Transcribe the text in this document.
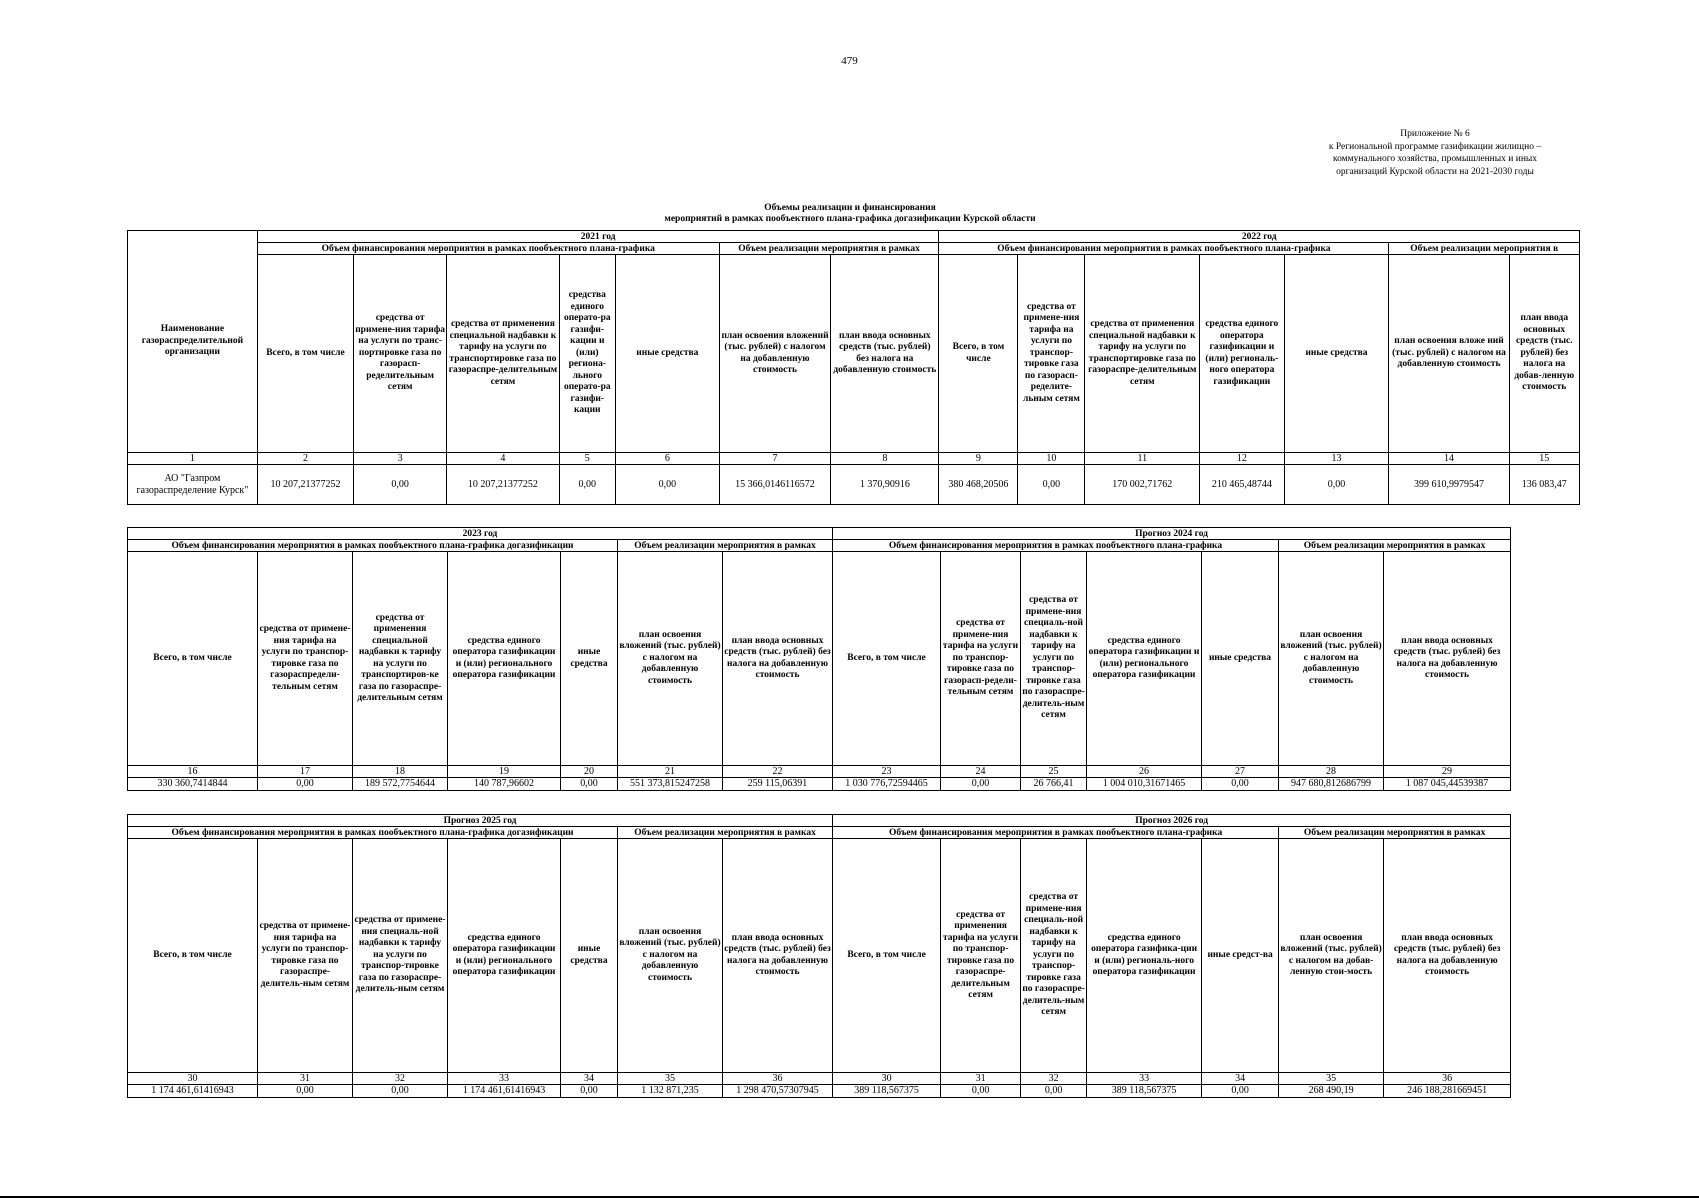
479
Приложение № 6
к Региональной программе газификации жилищно –
коммунального хозяйства, промышленных и иных
организаций Курской области на 2021-2030 годы
Объемы реализации и финансирования
мероприятий в рамках пообъектного плана-графика догазификации Курской области
Наименование газораспределительной организации	2021 год							2022 год						
	Объем финансирования мероприятия в рамках пообъектного плана-графика					Объем реализации мероприятия в рамках		Объем финансирования мероприятия в рамках пообъектного плана-графика					Объем реализации мероприятия в	
	Всего, в том числе	средства от примене-ния тарифа на услуги по транс-портировке газа по газорасп-ределительным сетям	средства от применения специальной надбавки к тарифу на услуги по транспортировке газа по газораспре-делительным сетям	средства единого операто-ра газифи-кации и (или) региона-льного операто-ра газифи-кации	иные средства	план освоения вложений (тыс. рублей) с налогом на добавленную стоимость	план ввода основных средств (тыс. рублей) без налога на добавленную стоимость	Всего, в том числе	средства от примене-ния тарифа на услуги по транспор-тировке газа по газорасп-ределите-льным сетям	средства от применения специальной надбавки к тарифу на услуги по транспортировке газа по газораспре-делительным сетям	средства единого оператора газификации и (или) региональ-ного оператора газификации	иные средства	план освоения вложе ний (тыс. рублей) с налогом на добавленную стоимость	план ввода основных средств (тыс. рублей) без налога на добав-ленную стоимость
1	2	3	4	5	6	7	8	9	10	11	12	13	14	15
АО "Газпром газораспределение Курск"	10 207,21377252	0,00	10 207,21377252	0,00	0,00	15 366,0146116572	1 370,90916	380 468,20506	0,00	170 002,71762	210 465,48744	0,00	399 610,9979547	136 083,47
2023 год							Прогноз 2024 год						
Объем финансирования мероприятия в рамках пообъектного плана-графика догазификации					Объем реализации мероприятия в рамках		Объем финансирования мероприятия в рамках пообъектного плана-графика					Объем реализации мероприятия в рамках	
Всего, в том числе	средства от примене-ния тарифа на услуги по транспор-тировке газа по газораспредели-тельным сетям	средства от применения специальной надбавки к тарифу на услуги по транспортиров-ке газа по газораспре-делительным сетям	средства единого оператора газификации и (или) регионального оператора газификации	иные средства	план освоения вложений (тыс. рублей) с налогом на добавленную стоимость	план ввода основных средств (тыс. рублей) без налога на добавленную стоимость	Всего, в том числе	средства от примене-ния тарифа на услуги по транспор-тировке газа по газорасп-редели-тельным сетям	средства от примене-ния специаль-ной надбавки к тарифу на услуги по транспор-тировке газа по газораспре-делитель-ным сетям	средства единого оператора газификации и (или) регионального оператора газификации	иные средства	план освоения вложений (тыс. рублей) с налогом на добавленную стоимость	план ввода основных средств (тыс. рублей) без налога на добавленную стоимость
16	17	18	19	20	21	22	23	24	25	26	27	28	29
330 360,7414844	0,00	189 572,7754644	140 787,96602	0,00	551 373,815247258	259 115,06391	1 030 776,72594465	0,00	26 766,41	1 004 010,31671465	0,00	947 680,812686799	1 087 045,44539387
Прогноз 2025 год							Прогноз 2026 год						
Объем финансирования мероприятия в рамках пообъектного плана-графика догазификации					Объем реализации мероприятия в рамках		Объем финансирования мероприятия в рамках пообъектного плана-графика					Объем реализации мероприятия в рамках	
Всего, в том числе	средства от примене-ния тарифа на услуги по транспор-тировке газа по газораспре-делитель-ным сетям	средства от примене-ния специаль-ной надбавки к тарифу на услуги по транспор-тировке газа по газораспре-делитель-ным сетям	средства единого оператора газификации и (или) регионального оператора газификации	иные средства	план освоения вложений (тыс. рублей) с налогом на добавленную стоимость	план ввода основных средств (тыс. рублей) без налога на добавленную стоимость	Всего, в том числе	средства от применения тарифа на услуги по транспор-тировке газа по газораспре-делительным сетям	средства от примене-ния специаль-ной надбавки к тарифу на услуги по транспор-тировке газа по газораспре-делитель-ным сетям	средства единого оператора газифика-ции и (или) региональ-ного оператора газификации	иные средст-ва	план освоения вложений (тыс. рублей) с налогом на добав-ленную стои-мость	план ввода основных средств (тыс. рублей) без налога на добавленную стоимость
30	31	32	33	34	35	36	30	31	32	33	34	35	36
1 174 461,61416943	0,00	0,00	1 174 461,61416943	0,00	1 132 871,235	1 298 470,57307945	389 118,567375	0,00	0,00	389 118,567375	0,00	268 490,19	246 188,281669451
